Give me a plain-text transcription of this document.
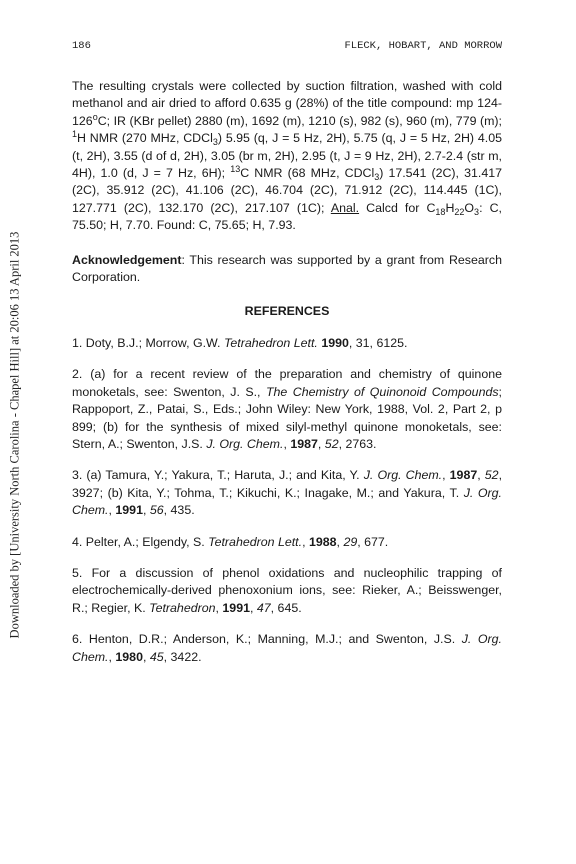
Downloaded by [University North Carolina - Chapel Hill] at 20:06 13 April 2013
186	FLECK, HOBART, AND MORROW

The resulting crystals were collected by suction filtration, washed with cold methanol and air dried to afford 0.635 g (28%) of the title compound: mp 124-126$^o$C; IR (KBr pellet) 2880 (m), 1692 (m), 1210 (s), 982 (s), 960 (m), 779 (m); $^1$H NMR (270 MHz, CDCl$_3$) 5.95 (q, J = 5 Hz, 2H), 5.75 (q, J = 5 Hz, 2H) 4.05 (t, 2H), 3.55 (d of d, 2H), 3.05 (br m, 2H), 2.95 (t, J = 9 Hz, 2H), 2.7-2.4 (str m, 4H), 1.0 (d, J = 7 Hz, 6H); $^{13}$C NMR (68 MHz, CDCl$_3$) 17.541 (2C), 31.417 (2C), 35.912 (2C), 41.106 (2C), 46.704 (2C), 71.912 (2C), 114.445 (1C), 127.771 (2C), 132.170 (2C), 217.107 (1C); Anal. Calcd for $C_{18}H_{22}O_3$: C, 75.50; H, 7.70. Found: C, 75.65; H, 7.93.

Acknowledgement: This research was supported by a grant from Research Corporation.

REFERENCES

1. Doty, B.J.; Morrow, G.W. Tetrahedron Lett. 1990, 31, 6125.

2. (a) for a recent review of the preparation and chemistry of quinone monoketals, see: Swenton, J. S., The Chemistry of Quinonoid Compounds; Rappoport, Z., Patai, S., Eds.; John Wiley: New York, 1988, Vol. 2, Part 2, p 899; (b) for the synthesis of mixed silyl-methyl quinone monoketals, see: Stern, A.; Swenton, J.S. J. Org. Chem., 1987, 52, 2763.

3. (a) Tamura, Y.; Yakura, T.; Haruta, J.; and Kita, Y. J. Org. Chem., 1987, 52, 3927; (b) Kita, Y.; Tohma, T.; Kikuchi, K.; Inagake, M.; and Yakura, T. J. Org. Chem., 1991, 56, 435.

4. Pelter, A.; Elgendy, S. Tetrahedron Lett., 1988, 29, 677.

5. For a discussion of phenol oxidations and nucleophilic trapping of electrochemically-derived phenoxonium ions, see: Rieker, A.; Beisswenger, R.; Regier, K. Tetrahedron, 1991, 47, 645.

6. Henton, D.R.; Anderson, K.; Manning, M.J.; and Swenton, J.S. J. Org. Chem., 1980, 45, 3422.
